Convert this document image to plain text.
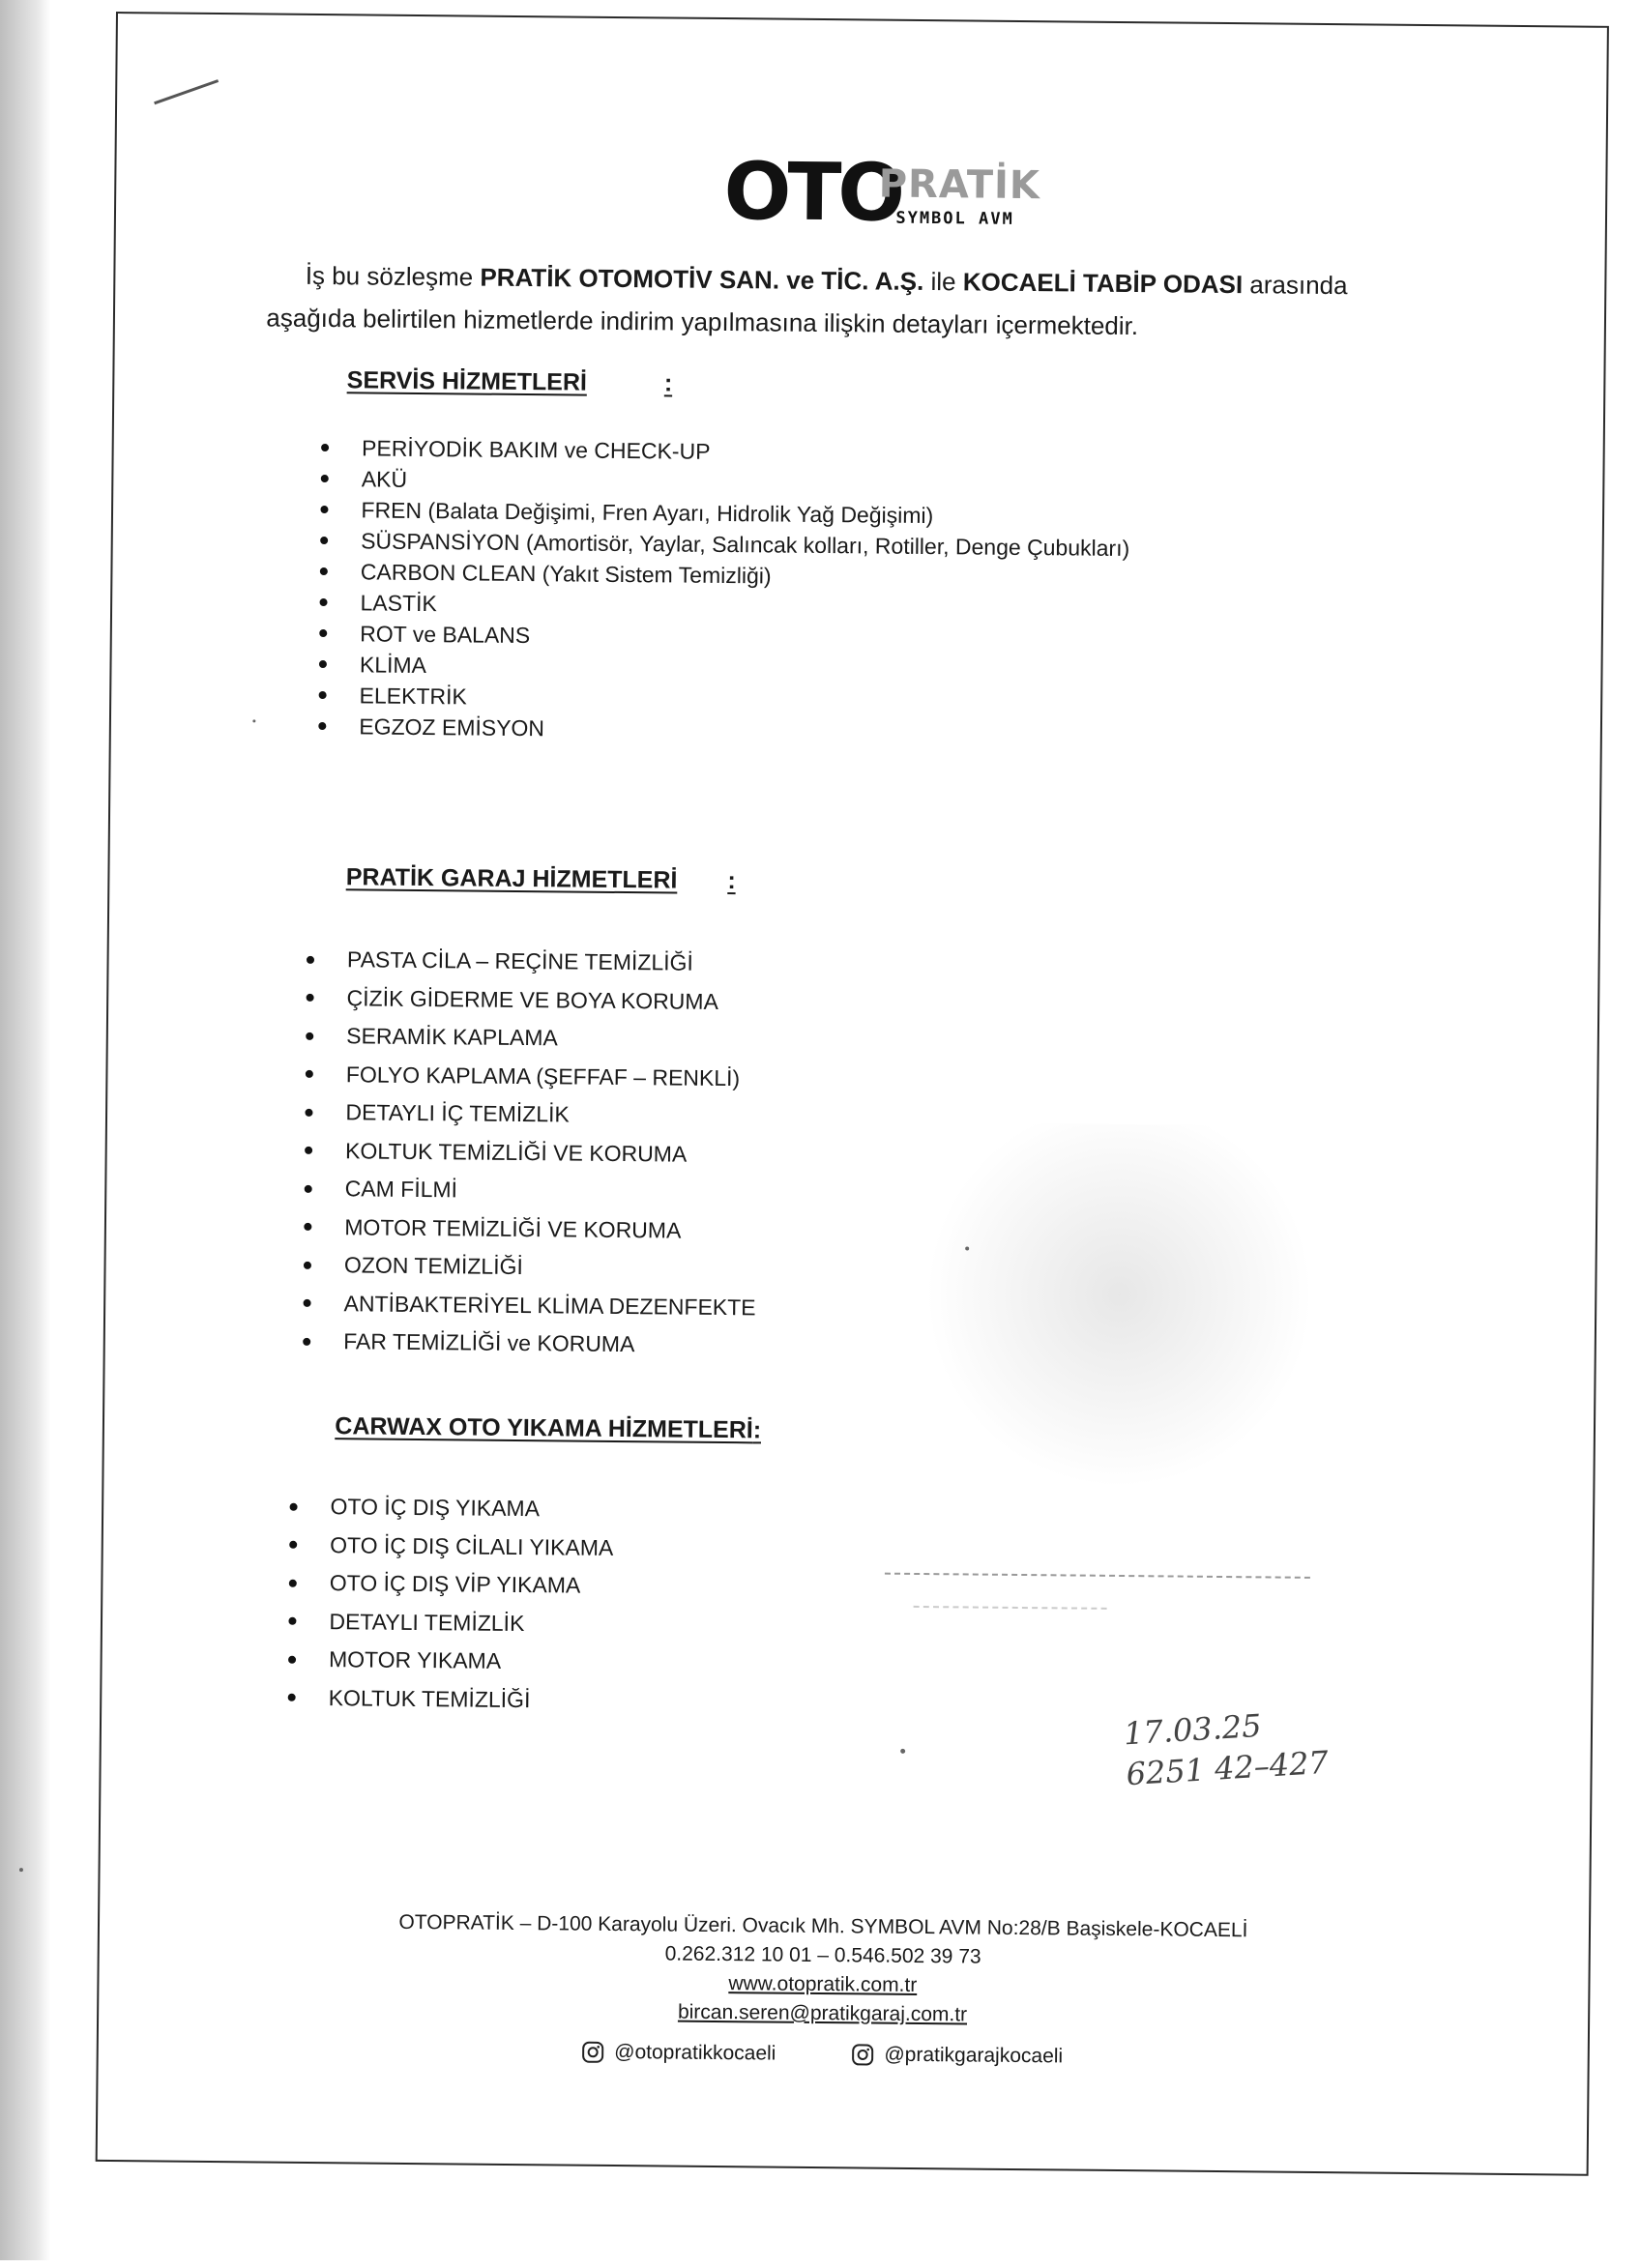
OTO
PRATİK
SYMBOL AVM
İş bu sözleşme PRATİK OTOMOTİV SAN. ve TİC. A.Ş. ile KOCAELİ TABİP ODASI arasında
aşağıda belirtilen hizmetlerde indirim yapılmasına ilişkin detayları içermektedir.
SERVİS HİZMETLERİ	:
PERİYODİK BAKIM ve CHECK-UP
AKÜ
FREN (Balata Değişimi, Fren Ayarı, Hidrolik Yağ Değişimi)
SÜSPANSİYON (Amortisör, Yaylar, Salıncak kolları, Rotiller, Denge Çubukları)
CARBON CLEAN (Yakıt Sistem Temizliği)
LASTİK
ROT ve BALANS
KLİMA
ELEKTRİK
EGZOZ EMİSYON
PRATİK GARAJ HİZMETLERİ :
PASTA CİLA – REÇİNE TEMİZLİĞİ
ÇİZİK GİDERME VE BOYA KORUMA
SERAMİK KAPLAMA
FOLYO KAPLAMA (ŞEFFAF – RENKLİ)
DETAYLI İÇ TEMİZLİK
KOLTUK TEMİZLİĞİ VE KORUMA
CAM FİLMİ
MOTOR TEMİZLİĞİ VE KORUMA
OZON TEMİZLİĞİ
ANTİBAKTERİYEL KLİMA DEZENFEKTE
FAR TEMİZLİĞİ ve KORUMA
CARWAX OTO YIKAMA HİZMETLERİ:
OTO İÇ DIŞ YIKAMA
OTO İÇ DIŞ CİLALI YIKAMA
OTO İÇ DIŞ VİP YIKAMA
DETAYLI TEMİZLİK
MOTOR YIKAMA
KOLTUK TEMİZLİĞİ
17.03.25
6251 42–427
OTOPRATİK – D-100 Karayolu Üzeri. Ovacık Mh. SYMBOL AVM No:28/B Başiskele-KOCAELİ
0.262.312 10 01 – 0.546.502 39 73
www.otopratik.com.tr
bircan.seren@pratikgaraj.com.tr
@otopratikkocaeli	@pratikgarajkocaeli
